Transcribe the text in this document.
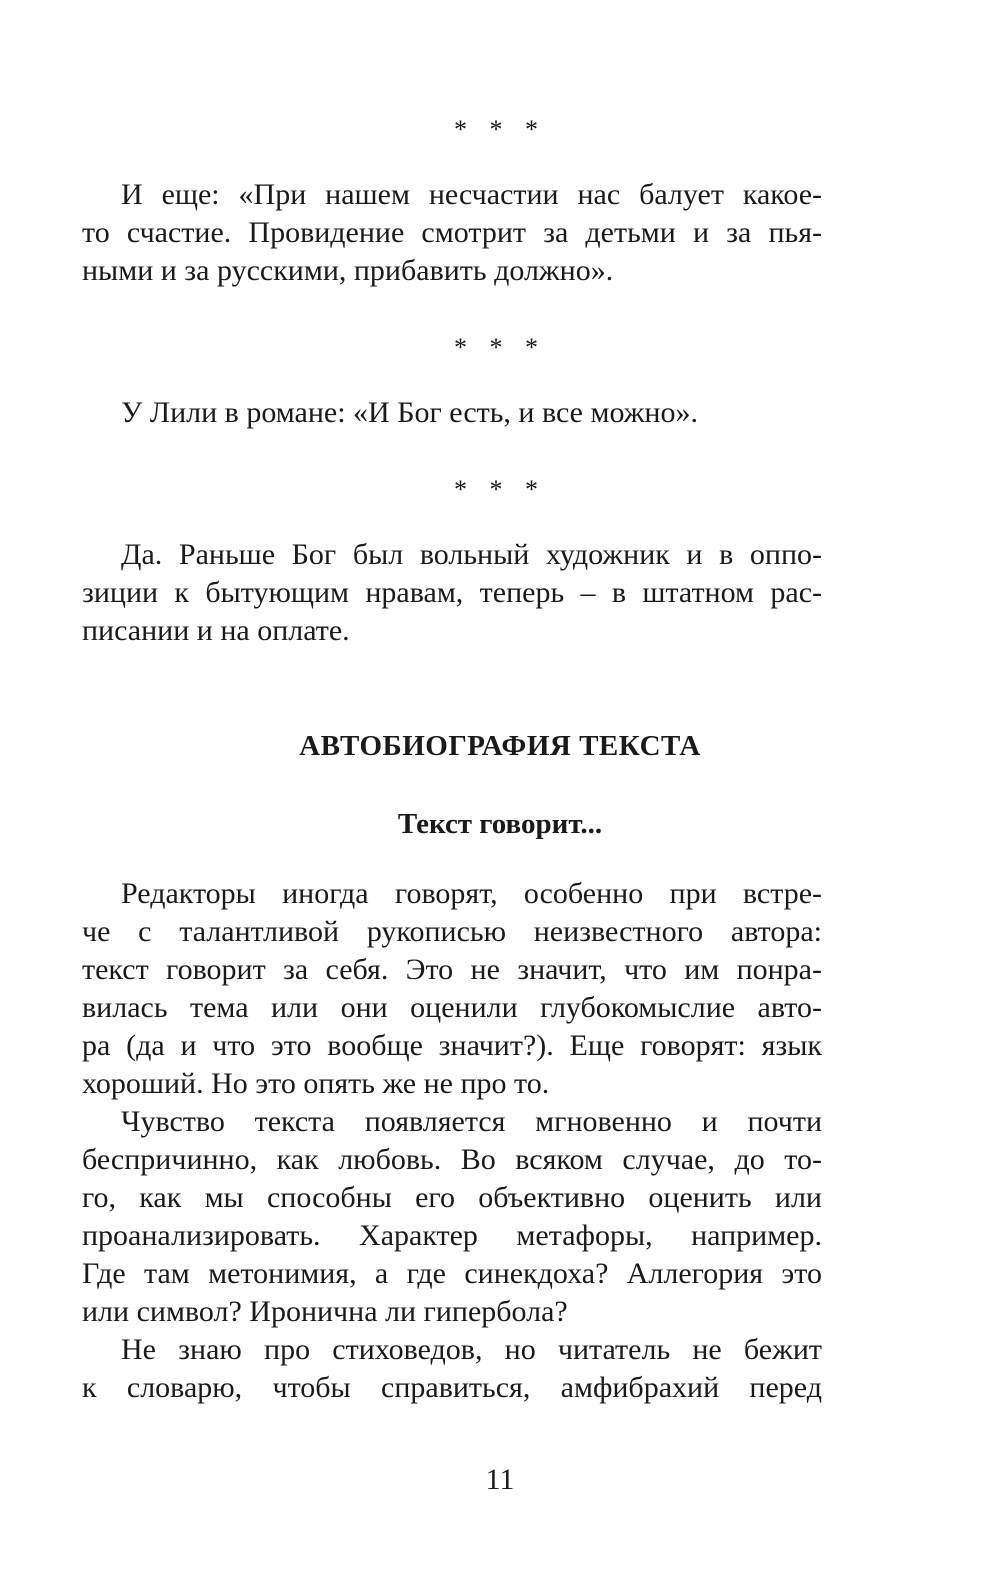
* * *
И еще: «При нашем несчастии нас балует какое-
то счастие. Провидение смотрит за детьми и за пья-
ными и за русскими, прибавить должно».
* * *
У Лили в романе: «И Бог есть, и все можно».
* * *
Да. Раньше Бог был вольный художник и в оппо-
зиции к бытующим нравам, теперь – в штатном рас-
писании и на оплате.
АВТОБИОГРАФИЯ ТЕКСТА
Текст говорит...
Редакторы иногда говорят, особенно при встре-
че с талантливой рукописью неизвестного автора:
текст говорит за себя. Это не значит, что им понра-
вилась тема или они оценили глубокомыслие авто-
ра (да и что это вообще значит?). Еще говорят: язык
хороший. Но это опять же не про то.
Чувство текста появляется мгновенно и почти
беспричинно, как любовь. Во всяком случае, до то-
го, как мы способны его объективно оценить или
проанализировать. Характер метафоры, например.
Где там метонимия, а где синекдоха? Аллегория это
или символ? Иронична ли гипербола?
Не знаю про стиховедов, но читатель не бежит
к словарю, чтобы справиться, амфибрахий перед
11
